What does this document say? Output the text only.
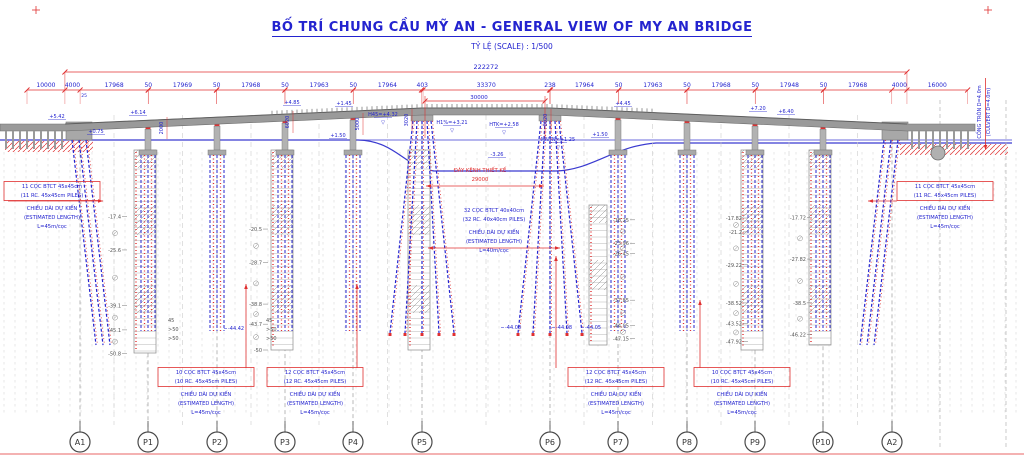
BỐ TRÍ CHUNG CẦU MỸ AN - GENERAL VIEW OF MY AN BRIDGE
TỶ LỆ (SCALE) : 1/500
10000 4000	17968	50	17969	50	17968	50	17963	50	17964	403	33370	238	17964	50	17963	50	17968	50	17948	50	17968	4000	16000
25
222272
30000
ĐÁY KÊNH THIẾT KẾ
29000
2000	6020	5000	3020	8020
+5.42
+0.75
+6.14
+4.85	+1.45
+1.50
H45=+4.32
▽	H1%=+3.21
▽
HTK=+2.58
▽
MNTN=+1.25
▽
-3.26
+1.50
+4.45
+7.20	+6.40
-17.4
-25.6
-39.1
-45.1
-50.8
-20.5
-28.7
-38.8
-43.7
-50
-18.25
-23.96
-26.45
-37.85
-44.05
-47.15
-17.82
-21.2
-29.22
-38.52
-43.52
-47.92
-17.72
-27.82
-38.5
-46.22
45
>50
>50
45
>50
>50
-44.42	-44.08	-44.08	-44.05
11 CỌC BTCT 45x45cm
(11 RC. 45x45cm PILES)
CHIỀU DÀI DỰ KIẾN
(ESTIMATED LENGTH)
L=45m/cọc
10 CỌC BTCT 45x45cm
(10 RC. 45x45cm PILES)
CHIỀU DÀI DỰ KIẾN
(ESTIMATED LENGTH)
L=45m/cọc
12 CỌC BTCT 45x45cm
(12 RC. 45x45cm PILES)
CHIỀU DÀI DỰ KIẾN
(ESTIMATED LENGTH)
L=45m/cọc
32 CỌC BTCT 40x40cm
(32 RC. 40x40cm PILES)
CHIỀU DÀI DỰ KIẾN
(ESTIMATED LENGTH)
L=40m/cọc
12 CỌC BTCT 45x45cm
(12 RC. 45x45cm PILES)
CHIỀU DÀI DỰ KIẾN
(ESTIMATED LENGTH)
L=45m/cọc
10 CỌC BTCT 45x45cm
(10 RC. 45x45cm PILES)
CHIỀU DÀI DỰ KIẾN
(ESTIMATED LENGTH)
L=45m/cọc
11 CỌC BTCT 45x45cm
(11 RC. 45x45cm PILES)
CHIỀU DÀI DỰ KIẾN
(ESTIMATED LENGTH)
L=45m/cọc
CỐNG TRÒN D=4.0m (CULVERT D=4.0m)
A1	P1	P2	P3	P4	P5	P6	P7	P8	P9	P10	A2
